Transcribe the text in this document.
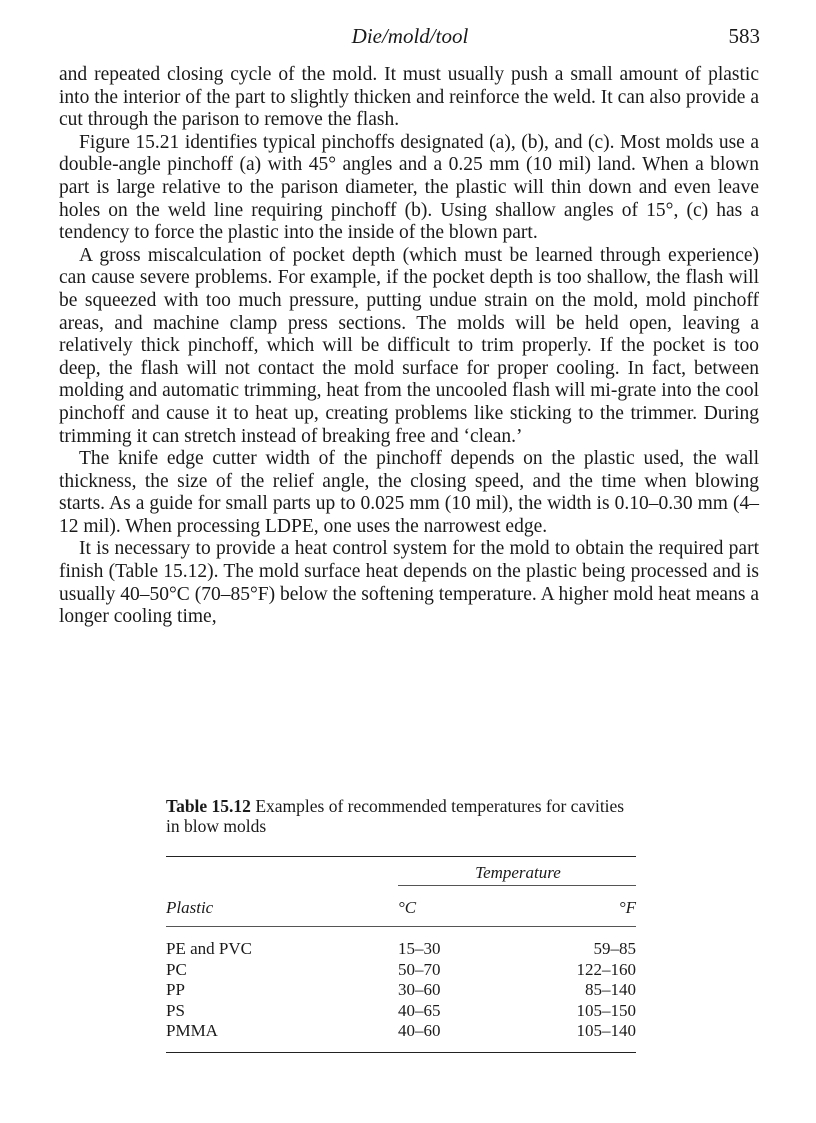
Die/mold/tool	583

and repeated closing cycle of the mold. It must usually push a small amount of plastic into the interior of the part to slightly thicken and reinforce the weld. It can also provide a cut through the parison to remove the flash.

Figure 15.21 identifies typical pinchoffs designated (a), (b), and (c). Most molds use a double-angle pinchoff (a) with 45° angles and a 0.25 mm (10 mil) land. When a blown part is large relative to the parison diameter, the plastic will thin down and even leave holes on the weld line requiring pinchoff (b). Using shallow angles of 15°, (c) has a tendency to force the plastic into the inside of the blown part.

A gross miscalculation of pocket depth (which must be learned through experience) can cause severe problems. For example, if the pocket depth is too shallow, the flash will be squeezed with too much pressure, putting undue strain on the mold, mold pinchoff areas, and machine clamp press sections. The molds will be held open, leaving a relatively thick pinchoff, which will be difficult to trim properly. If the pocket is too deep, the flash will not contact the mold surface for proper cooling. In fact, between molding and automatic trimming, heat from the uncooled flash will mi-grate into the cool pinchoff and cause it to heat up, creating problems like sticking to the trimmer. During trimming it can stretch instead of breaking free and ‘clean.’

The knife edge cutter width of the pinchoff depends on the plastic used, the wall thickness, the size of the relief angle, the closing speed, and the time when blowing starts. As a guide for small parts up to 0.025 mm (10 mil), the width is 0.10–0.30 mm (4–12 mil). When processing LDPE, one uses the narrowest edge.

It is necessary to provide a heat control system for the mold to obtain the required part finish (Table 15.12). The mold surface heat depends on the plastic being processed and is usually 40–50°C (70–85°F) below the softening temperature. A higher mold heat means a longer cooling time,

Table 15.12 Examples of recommended temperatures for cavities in blow molds
Temperature
Plastic	°C	°F
PE and PVC	15–30	59–85
PC	50–70	122–160
PP	30–60	85–140
PS	40–65	105–150
PMMA	40–60	105–140
